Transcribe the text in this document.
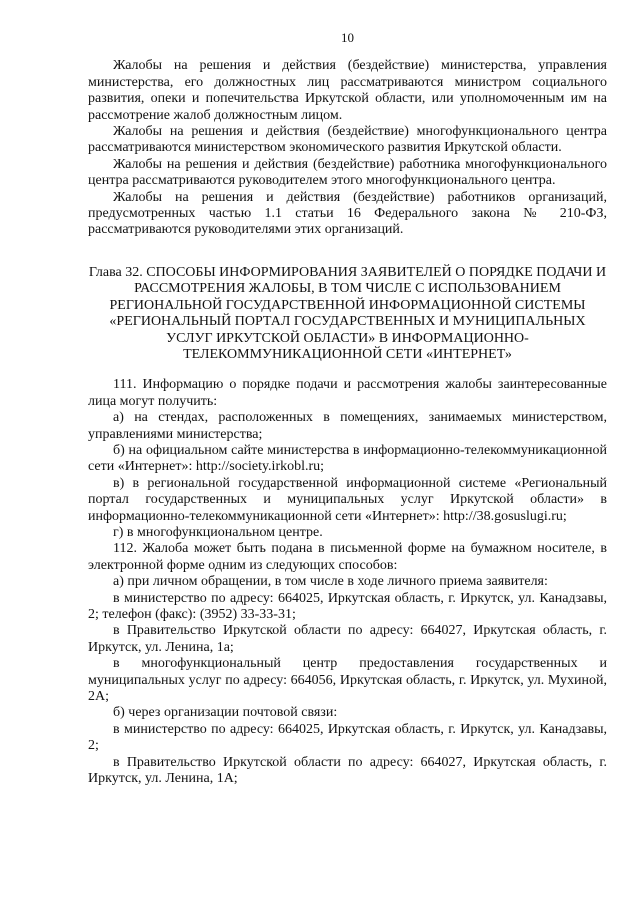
10

Жалобы на решения и действия (бездействие) министерства, управления министерства, его должностных лиц рассматриваются министром социального развития, опеки и попечительства Иркутской области, или уполномоченным им на рассмотрение жалоб должностным лицом.

Жалобы на решения и действия (бездействие) многофункционального центра рассматриваются министерством экономического развития Иркутской области.

Жалобы на решения и действия (бездействие) работника многофункционального центра рассматриваются руководителем этого многофункционального центра.

Жалобы на решения и действия (бездействие) работников организаций, предусмотренных частью 1.1 статьи 16 Федерального закона № 210-ФЗ, рассматриваются руководителями этих организаций.

Глава 32. СПОСОБЫ ИНФОРМИРОВАНИЯ ЗАЯВИТЕЛЕЙ О ПОРЯДКЕ ПОДАЧИ И РАССМОТРЕНИЯ ЖАЛОБЫ, В ТОМ ЧИСЛЕ С ИСПОЛЬЗОВАНИЕМ РЕГИОНАЛЬНОЙ ГОСУДАРСТВЕННОЙ ИНФОРМАЦИОННОЙ СИСТЕМЫ «РЕГИОНАЛЬНЫЙ ПОРТАЛ ГОСУДАРСТВЕННЫХ И МУНИЦИПАЛЬНЫХ УСЛУГ ИРКУТСКОЙ ОБЛАСТИ» В ИНФОРМАЦИОННО-ТЕЛЕКОММУНИКАЦИОННОЙ СЕТИ «ИНТЕРНЕТ»

111. Информацию о порядке подачи и рассмотрения жалобы заинтересованные лица могут получить:

а) на стендах, расположенных в помещениях, занимаемых министерством, управлениями министерства;

б) на официальном сайте министерства в информационно-телекоммуникационной сети «Интернет»: http://society.irkobl.ru;

в) в региональной государственной информационной системе «Региональный портал государственных и муниципальных услуг Иркутской области» в информационно-телекоммуникационной сети «Интернет»: http://38.gosuslugi.ru;

г) в многофункциональном центре.

112. Жалоба может быть подана в письменной форме на бумажном носителе, в электронной форме одним из следующих способов:

а) при личном обращении, в том числе в ходе личного приема заявителя:

в министерство по адресу: 664025, Иркутская область, г. Иркутск, ул. Канадзавы, 2; телефон (факс): (3952) 33-33-31;

в Правительство Иркутской области по адресу: 664027, Иркутская область, г. Иркутск, ул. Ленина, 1а;

в многофункциональный центр предоставления государственных и муниципальных услуг по адресу: 664056, Иркутская область, г. Иркутск, ул. Мухиной, 2А;

б) через организации почтовой связи:

в министерство по адресу: 664025, Иркутская область, г. Иркутск, ул. Канадзавы, 2;

в Правительство Иркутской области по адресу: 664027, Иркутская область, г. Иркутск, ул. Ленина, 1А;
